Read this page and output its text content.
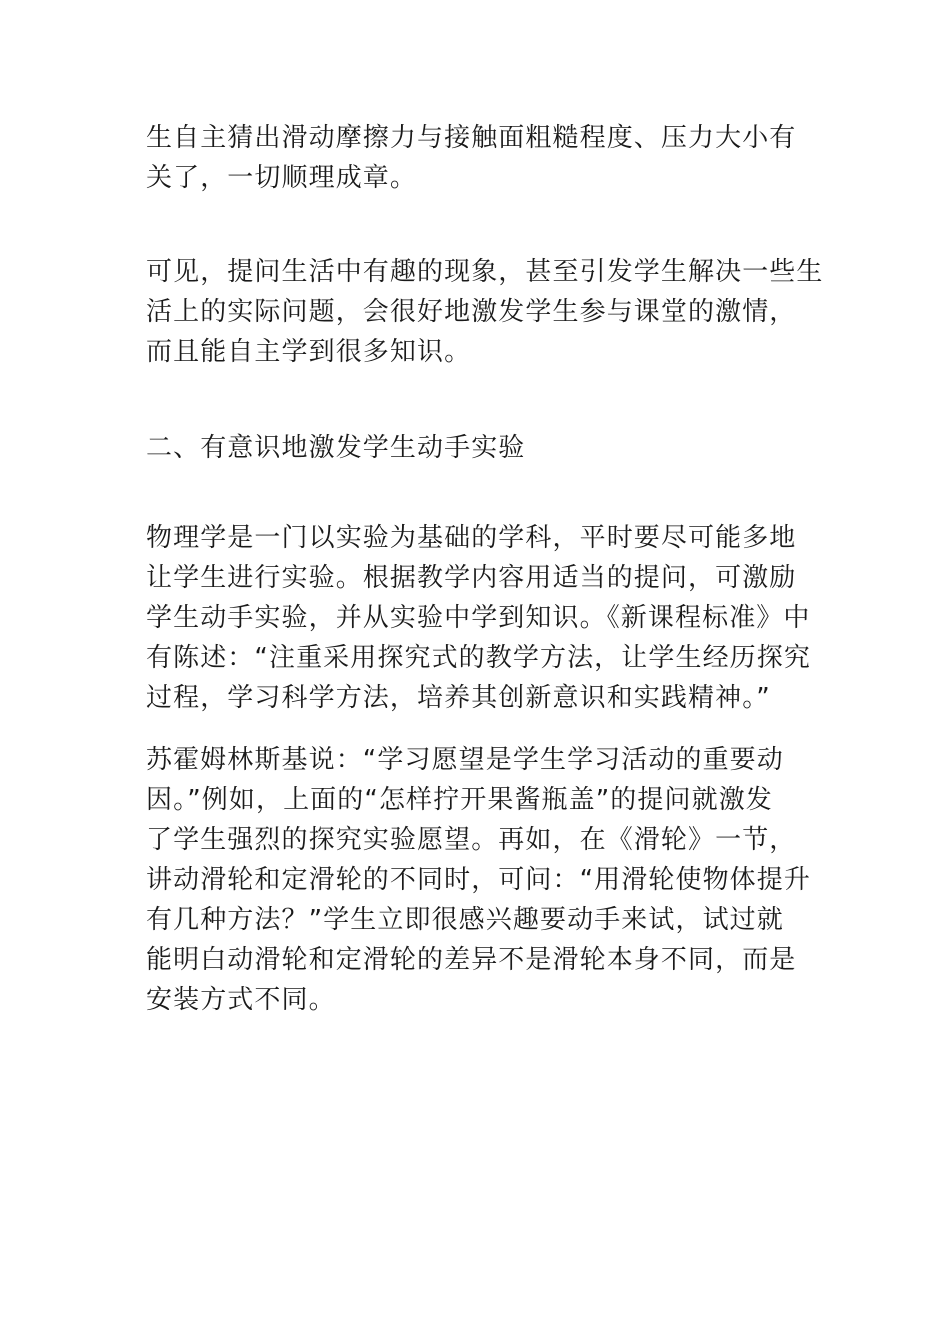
生自主猜出滑动摩擦力与接触面粗糙程度、压力大小有
关了，一切顺理成章。
可见，提问生活中有趣的现象，甚至引发学生解决一些生
活上的实际问题，会很好地激发学生参与课堂的激情，
而且能自主学到很多知识。
二、有意识地激发学生动手实验
物理学是一门以实验为基础的学科，平时要尽可能多地
让学生进行实验。根据教学内容用适当的提问，可激励
学生动手实验，并从实验中学到知识。《新课程标准》中
有陈述：“注重采用探究式的教学方法，让学生经历探究
过程，学习科学方法，培养其创新意识和实践精神。”
苏霍姆林斯基说：“学习愿望是学生学习活动的重要动
因。”例如，上面的“怎样拧开果酱瓶盖”的提问就激发
了学生强烈的探究实验愿望。再如，在《滑轮》一节，
讲动滑轮和定滑轮的不同时，可问：“用滑轮使物体提升
有几种方法？”学生立即很感兴趣要动手来试，试过就
能明白动滑轮和定滑轮的差异不是滑轮本身不同，而是
安装方式不同。
